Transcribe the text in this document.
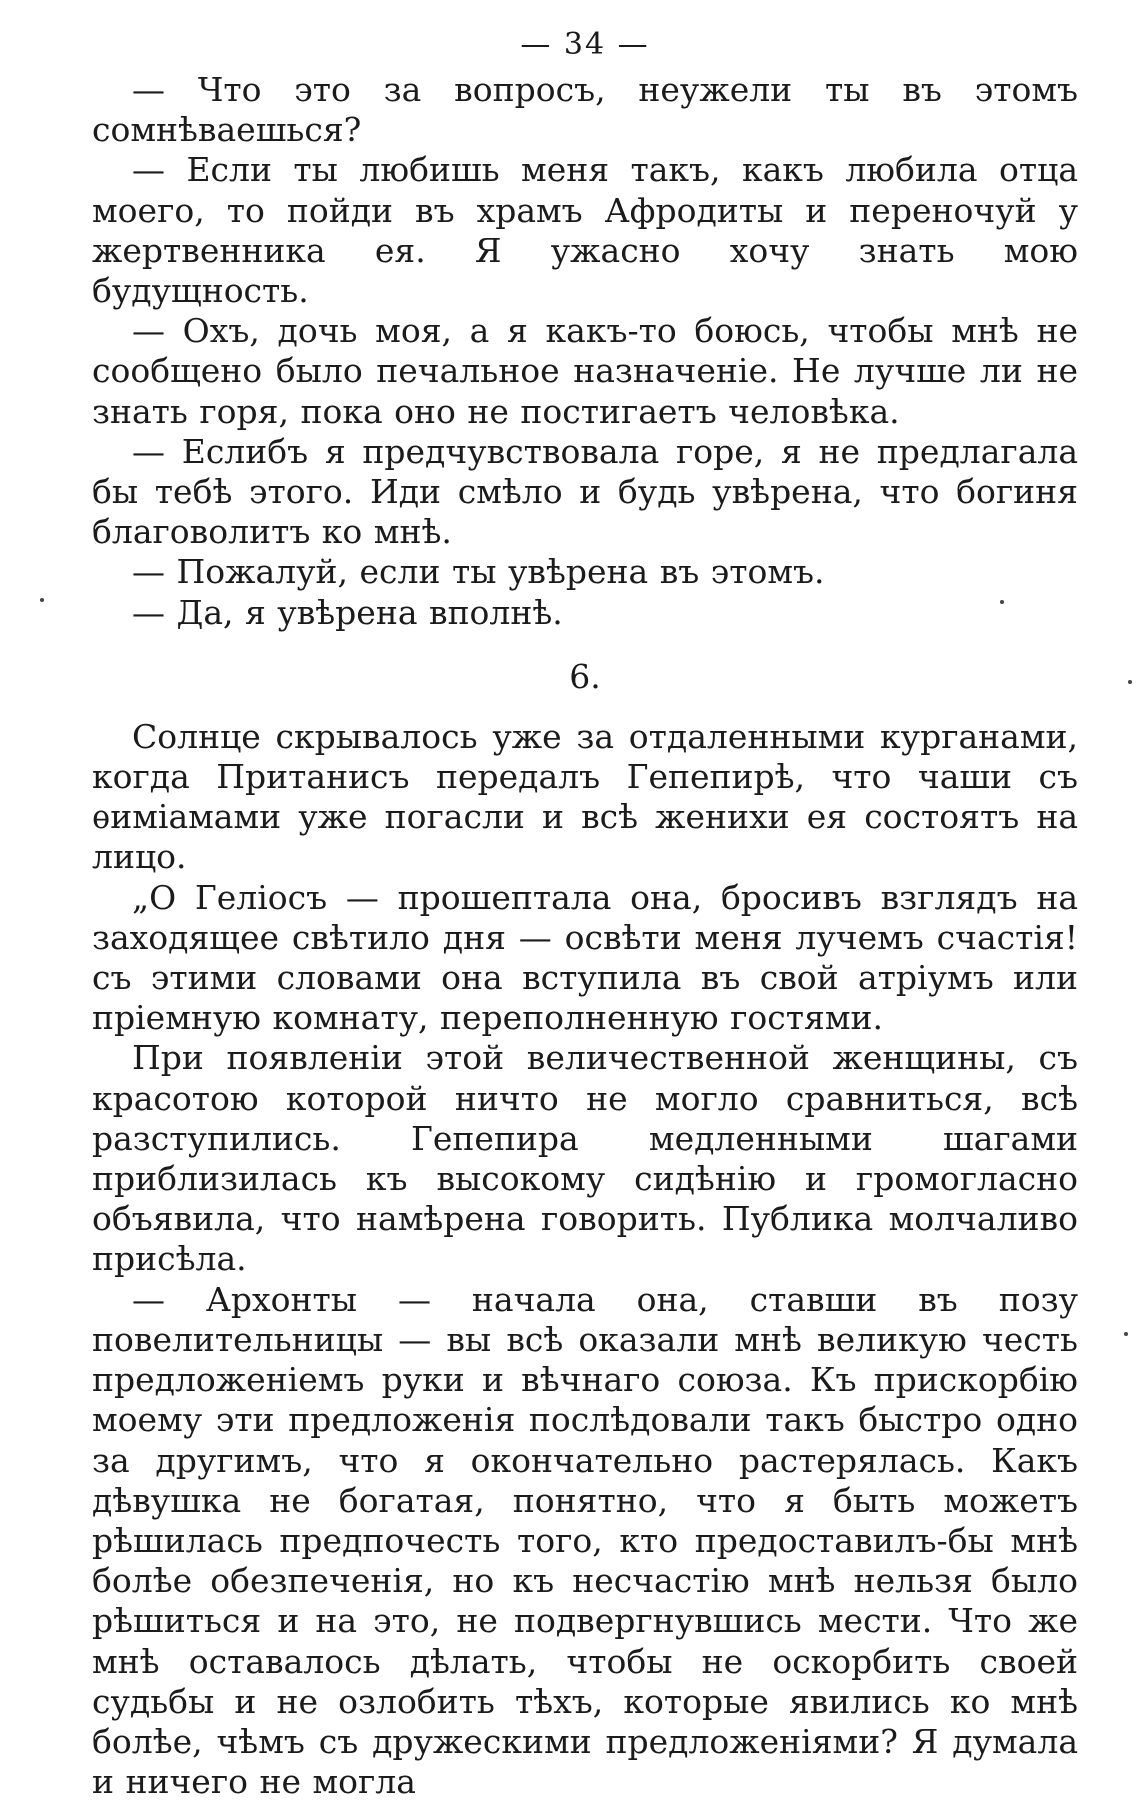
— 34 —

— Что это за вопросъ, неужели ты въ этомъ сомнѣваешься?

— Если ты любишь меня такъ, какъ любила отца моего, то пойди въ храмъ Афродиты и переночуй у жертвенника ея. Я ужасно хочу знать мою будущность.

— Охъ, дочь моя, а я какъ-то боюсь, чтобы мнѣ не сообщено было печальное назначеніе. Не лучше ли не знать горя, пока оно не постигаетъ человѣка.

— Еслибъ я предчувствовала горе, я не предлагала бы тебѣ этого. Иди смѣло и будь увѣрена, что богиня благоволитъ ко мнѣ.

— Пожалуй, если ты увѣрена въ этомъ.

— Да, я увѣрена вполнѣ.

6.

Солнце скрывалось уже за отдаленными курганами, когда Пританисъ передалъ Гепепирѣ, что чаши съ ѳиміамами уже погасли и всѣ женихи ея состоятъ на лицо.

„О Геліосъ — прошептала она, бросивъ взглядъ на заходящее свѣтило дня — освѣти меня лучемъ счастія! съ этими словами она вступила въ свой атріумъ или пріемную комнату, переполненную гостями.

При появленіи этой величественной женщины, съ красотою которой ничто не могло сравниться, всѣ разступились. Гепепира медленными шагами приблизилась къ высокому сидѣнію и громогласно объявила, что намѣрена говорить. Публика молчаливо присѣла.

— Архонты — начала она, ставши въ позу повелительницы — вы всѣ оказали мнѣ великую честь предложеніемъ руки и вѣчнаго союза. Къ прискорбію моему эти предложенія послѣдовали такъ быстро одно за другимъ, что я окончательно растерялась. Какъ дѣвушка не богатая, понятно, что я быть можетъ рѣшилась предпочесть того, кто предоставилъ-бы мнѣ болѣе обезпеченія, но къ несчастію мнѣ нельзя было рѣшиться и на это, не подвергнувшись мести. Что же мнѣ оставалось дѣлать, чтобы не оскорбить своей судьбы и не озлобить тѣхъ, которые явились ко мнѣ болѣе, чѣмъ съ дружескими предложеніями? Я думала и ничего не могла
